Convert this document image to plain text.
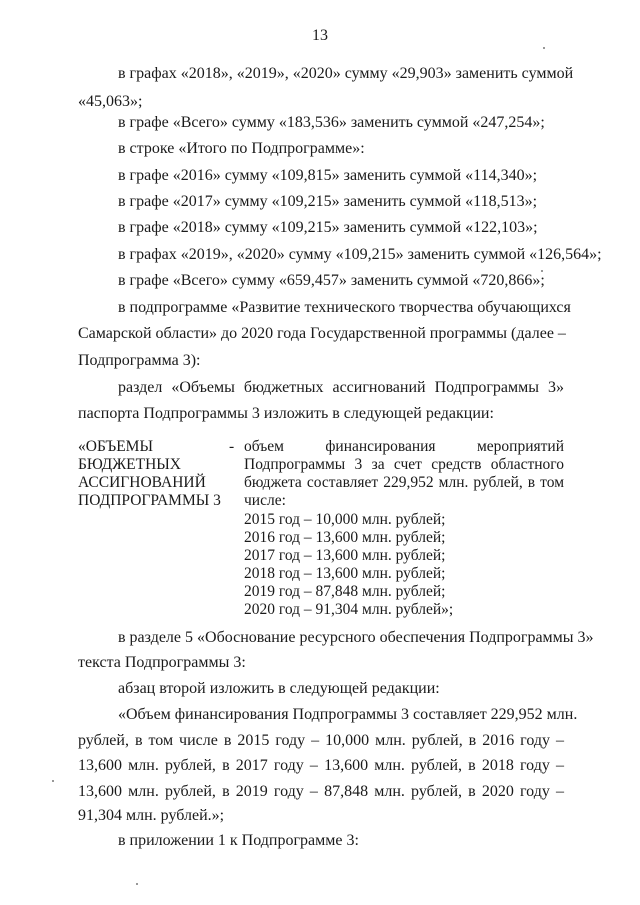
13
в графах «2018», «2019», «2020» сумму «29,903» заменить суммой
«45,063»;
в графе «Всего» сумму «183,536» заменить суммой «247,254»;
в строке «Итого по Подпрограмме»:
в графе «2016» сумму «109,815» заменить суммой «114,340»;
в графе «2017» сумму «109,215» заменить суммой «118,513»;
в графе «2018» сумму «109,215» заменить суммой «122,103»;
в графах «2019», «2020» сумму «109,215» заменить суммой «126,564»;
в графе «Всего» сумму «659,457» заменить суммой «720,866»;
в подпрограмме «Развитие технического творчества обучающихся
Самарской области» до 2020 года Государственной программы (далее –
Подпрограмма 3):
раздел «Объемы бюджетных ассигнований Подпрограммы 3»
паспорта Подпрограммы 3 изложить в следующей редакции:
«ОБЪЕМЫ
БЮДЖЕТНЫХ
АССИГНОВАНИЙ
ПОДПРОГРАММЫ 3
- объем финансирования мероприятий
Подпрограммы 3 за счет средств областного
бюджета составляет 229,952 млн. рублей, в том
числе:
2015 год – 10,000 млн. рублей;
2016 год – 13,600 млн. рублей;
2017 год – 13,600 млн. рублей;
2018 год – 13,600 млн. рублей;
2019 год – 87,848 млн. рублей;
2020 год – 91,304 млн. рублей»;
в разделе 5 «Обоснование ресурсного обеспечения Подпрограммы 3»
текста Подпрограммы 3:
абзац второй изложить в следующей редакции:
«Объем финансирования Подпрограммы 3 составляет 229,952 млн.
рублей, в том числе в 2015 году – 10,000 млн. рублей, в 2016 году –
13,600 млн. рублей, в 2017 году – 13,600 млн. рублей, в 2018 году –
13,600 млн. рублей, в 2019 году – 87,848 млн. рублей, в 2020 году –
91,304 млн. рублей.»;
в приложении 1 к Подпрограмме 3:
